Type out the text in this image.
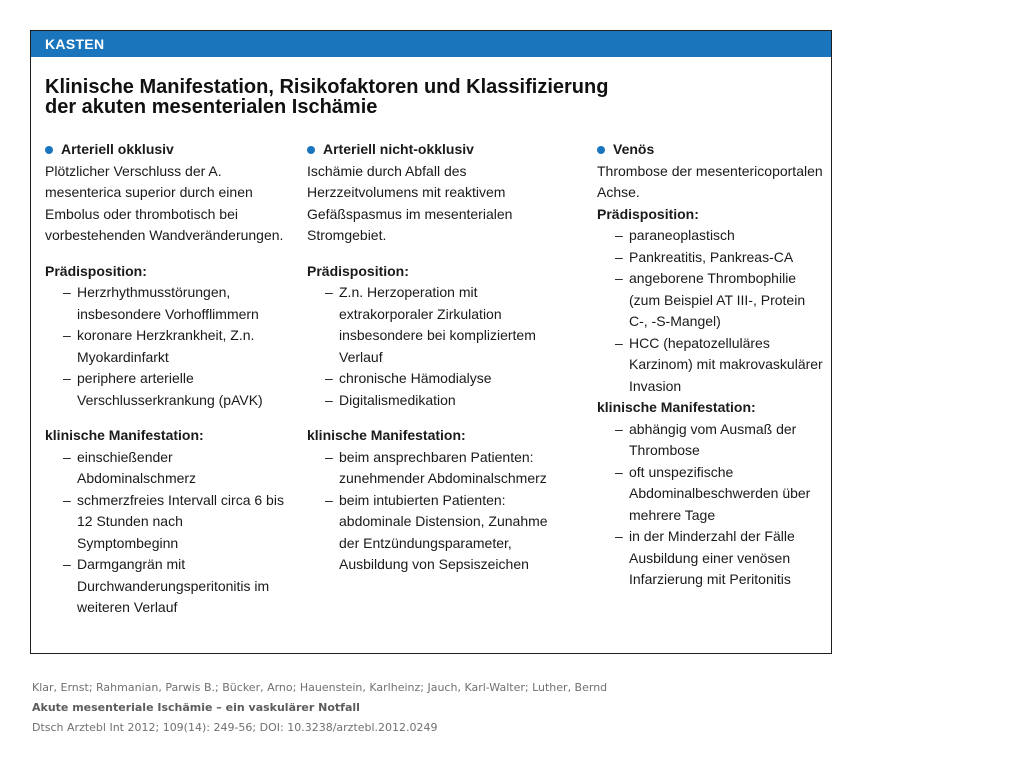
KASTEN
Klinische Manifestation, Risikofaktoren und Klassifizierung
der akuten mesenterialen Ischämie
Arteriell okklusiv

Plötzlicher Verschluss der A. mesenterica superior durch einen Embolus oder thrombotisch bei vorbestehenden Wandveränderungen.

Prädisposition:
– Herzrhythmusstörungen, insbesondere Vorhofflimmern
– koronare Herzkrankheit, Z.n. Myokardinfarkt
– periphere arterielle Verschlusserkrankung (pAVK)
klinische Manifestation:
– einschießender Abdominalschmerz
– schmerzfreies Intervall circa 6 bis 12 Stunden nach Symptombeginn
– Darmgangrän mit Durchwanderungsperitonitis im weiteren Verlauf
Arteriell nicht-okklusiv

Ischämie durch Abfall des Herzzeitvolumens mit reaktivem Gefäßspasmus im mesenterialen Stromgebiet.

Prädisposition:
– Z.n. Herzoperation mit extrakorporaler Zirkulation insbesondere bei kompliziertem Verlauf
– chronische Hämodialyse
– Digitalismedikation
klinische Manifestation:
– beim ansprechbaren Patienten: zunehmender Abdominalschmerz
– beim intubierten Patienten: abdominale Distension, Zunahme der Entzündungsparameter, Ausbildung von Sepsiszeichen
Venös

Thrombose der mesentericoportalen Achse.

Prädisposition:
– paraneoplastisch
– Pankreatitis, Pankreas-CA
– angeborene Thrombophilie (zum Beispiel AT III-, Protein C-, -S-Mangel)
– HCC (hepatozelluläres Karzinom) mit makrovaskulärer Invasion
klinische Manifestation:
– abhängig vom Ausmaß der Thrombose
– oft unspezifische Abdominalbeschwerden über mehrere Tage
– in der Minderzahl der Fälle Ausbildung einer venösen Infarzierung mit Peritonitis
Klar, Ernst; Rahmanian, Parwis B.; Bücker, Arno; Hauenstein, Karlheinz; Jauch, Karl-Walter; Luther, Bernd
Akute mesenteriale Ischämie – ein vaskulärer Notfall
Dtsch Arztebl Int 2012; 109(14): 249-56; DOI: 10.3238/arztebl.2012.0249
